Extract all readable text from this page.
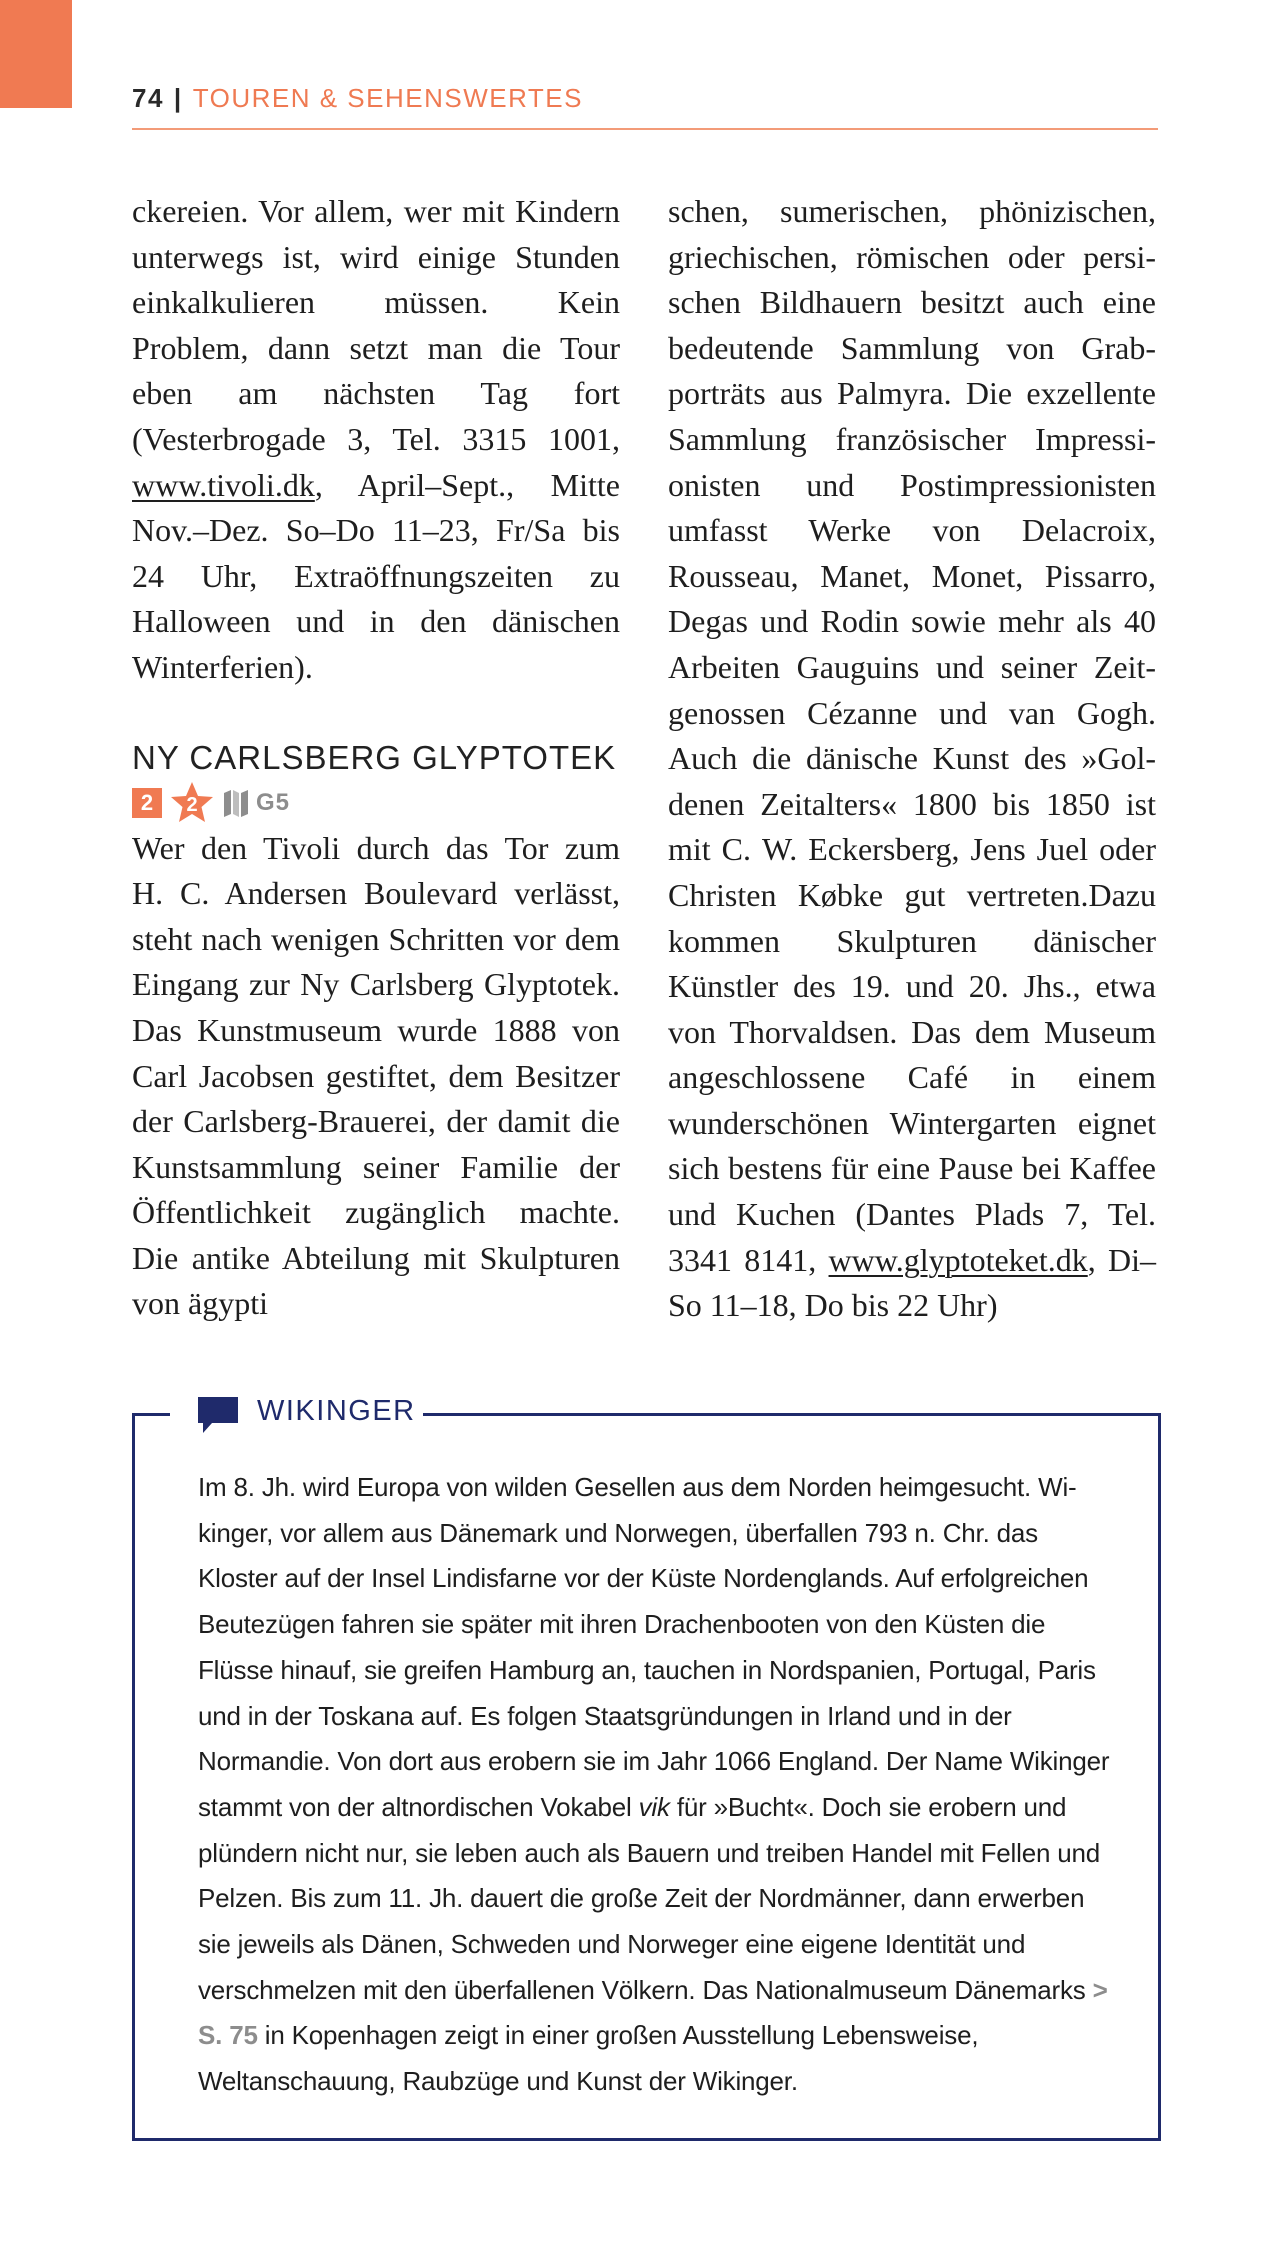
74 | TOUREN & SEHENSWERTES

ckereien. Vor allem, wer mit Kindern unterwegs ist, wird einige Stunden einkalkulieren müssen. Kein Problem, dann setzt man die Tour eben am nächsten Tag fort (Vesterbrogade 3, Tel. 3315 1001, www.tivoli.dk, April–Sept., Mitte Nov.–Dez. So–Do 11–23, Fr/Sa bis 24 Uhr, Extraöffnungszeiten zu Halloween und in den dänischen Winterferien).

NY CARLSBERG GLYPTOTEK
2	2	G5

Wer den Tivoli durch das Tor zum H. C. Andersen Boulevard verlässt, steht nach wenigen Schritten vor dem Eingang zur Ny Carlsberg Glyptotek. Das Kunstmuseum wurde 1888 von Carl Jacobsen gestiftet, dem Besitzer der Carlsberg-Brauerei, der damit die Kunstsammlung seiner Familie der Öffentlichkeit zugänglich machte. Die antike Abteilung mit Skulpturen von ägypti

schen, sumerischen, phönizischen, griechischen, römischen oder persischen Bildhauern besitzt auch eine bedeutende Sammlung von Grabporträts aus Palmyra. Die exzellente Sammlung französischer Impressionisten und Postimpressionisten umfasst Werke von Delacroix, Rousseau, Manet, Monet, Pissarro, Degas und Rodin sowie mehr als 40 Arbeiten Gauguins und seiner Zeitgenossen Cézanne und van Gogh. Auch die dänische Kunst des »Goldenen Zeitalters« 1800 bis 1850 ist mit C. W. Eckersberg, Jens Juel oder Christen Købke gut vertreten.Dazu kommen Skulpturen dänischer Künstler des 19. und 20. Jhs., etwa von Thorvaldsen. Das dem Museum angeschlossene Café in einem wunderschönen Wintergarten eignet sich bestens für eine Pause bei Kaffee und Kuchen (Dantes Plads 7, Tel. 3341 8141, www.glyptoteket.dk, Di–So 11–18, Do bis 22 Uhr)

WIKINGER

Im 8. Jh. wird Europa von wilden Gesellen aus dem Norden heimgesucht. Wikinger, vor allem aus Dänemark und Norwegen, überfallen 793 n. Chr. das Kloster auf der Insel Lindisfarne vor der Küste Nordenglands. Auf erfolgreichen Beutezügen fahren sie später mit ihren Drachenbooten von den Küsten die Flüsse hinauf, sie greifen Hamburg an, tauchen in Nordspanien, Portugal, Paris und in der Toskana auf. Es folgen Staatsgründungen in Irland und in der Normandie. Von dort aus erobern sie im Jahr 1066 England. Der Name Wikinger stammt von der altnordischen Vokabel vik für »Bucht«. Doch sie erobern und plündern nicht nur, sie leben auch als Bauern und treiben Handel mit Fellen und Pelzen. Bis zum 11. Jh. dauert die große Zeit der Nordmänner, dann erwerben sie jeweils als Dänen, Schweden und Norweger eine eigene Identität und verschmelzen mit den überfallenen Völkern. Das Nationalmuseum Dänemarks > S. 75 in Kopenhagen zeigt in einer großen Ausstellung Lebensweise, Weltanschauung, Raubzüge und Kunst der Wikinger.
